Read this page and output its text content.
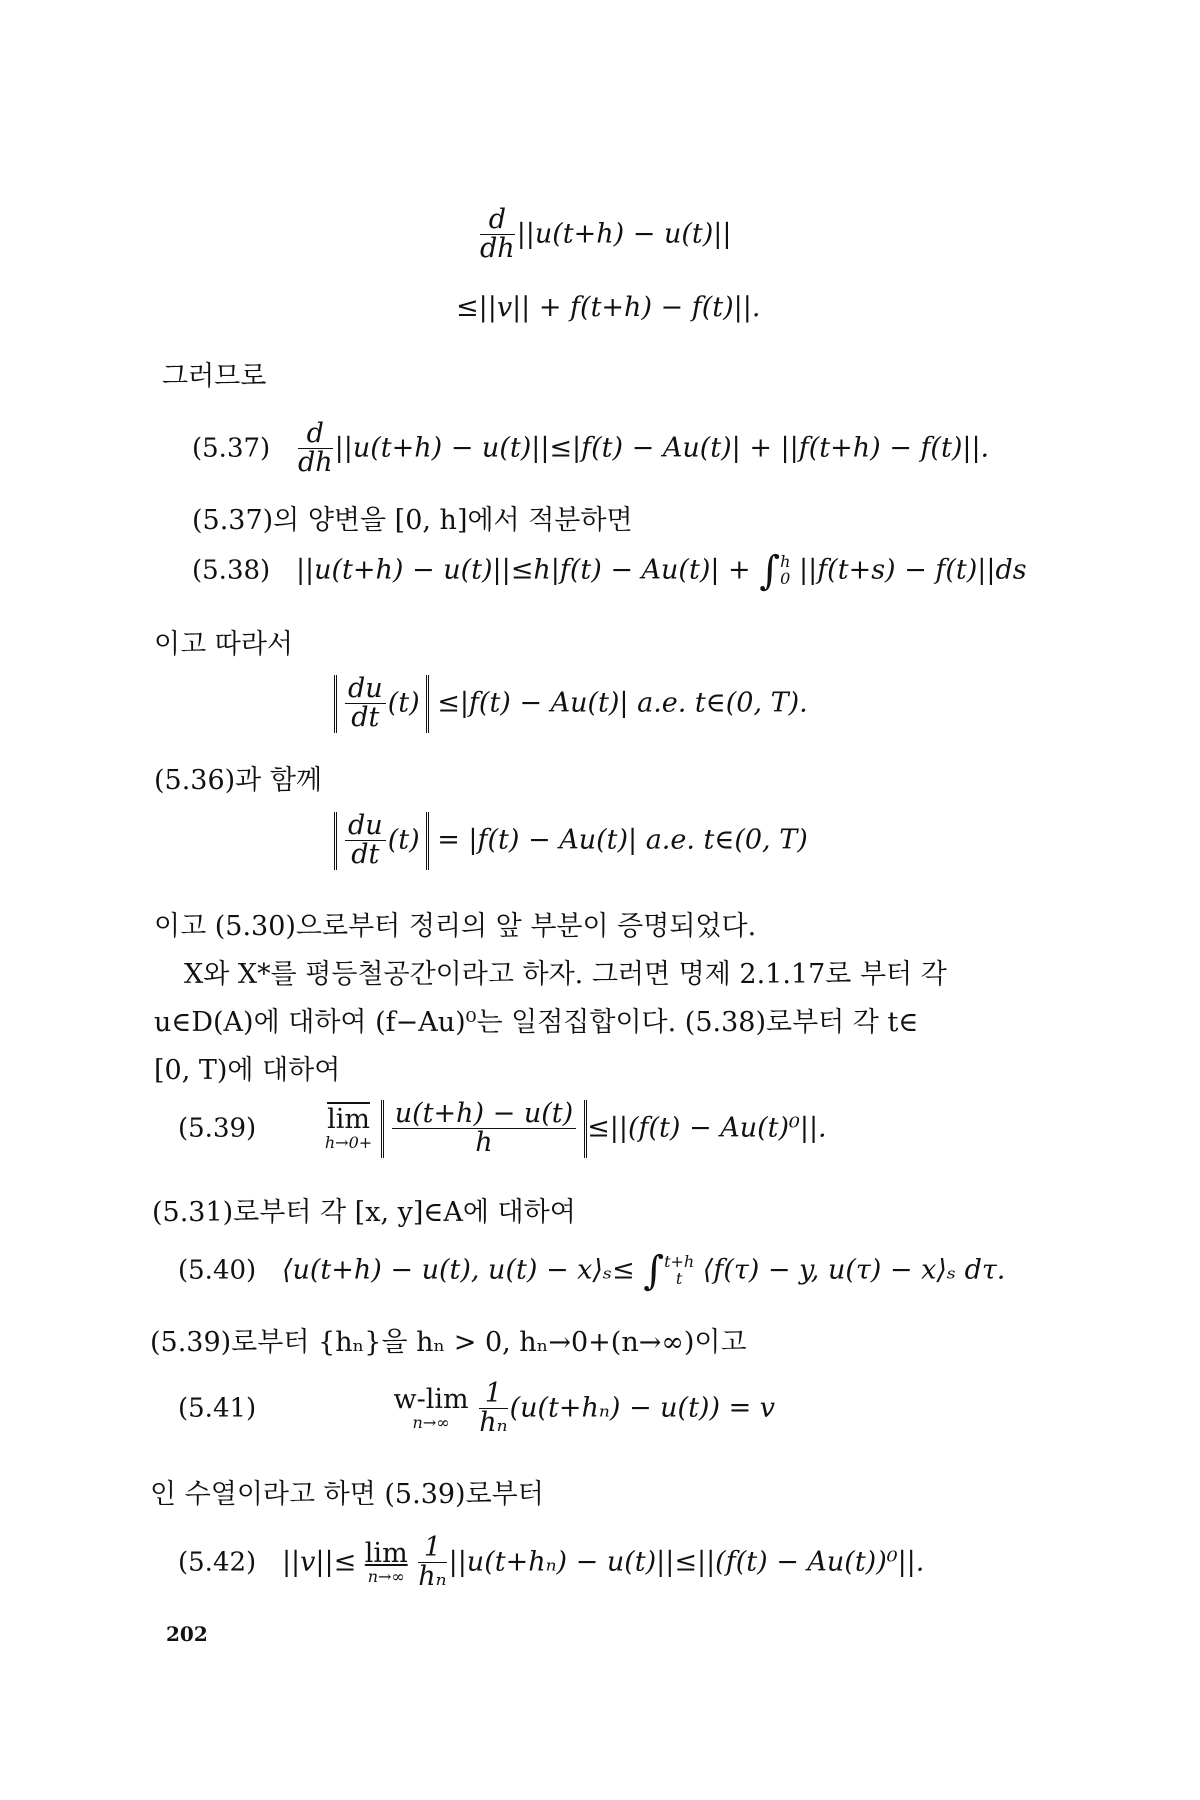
$\frac{d}{dh} ||u(t+h) - u(t)||$
≤||v|| + f(t+h) − f(t)||.
그러므로
$(5.37) \frac{d}{dh} ||u(t+h) - u(t)||\le|f(t) - Au(t)| + ||f(t+h) - f(t)||$.
(5.37)의 양변을 [0, h]에서 적분하면
(5.38) ||u(t+h) − u(t)||≤h|f(t) − Au(t)| + ∫ h
0 ||f(t+s) − f(t)||ds
이고 따라서
$\frac{du}{dt} (t) \le|f(t) - Au(t)|$ a.e. t∈(0, T).
(5.36)과 함께
$\frac{du}{dt} (t) = |f(t) - Au(t)|$ a.e. t∈(0, T)
이고 (5.30)으로부터 정리의 앞 부분이 증명되었다.
X와 X*를 평등철공간이라고 하자. 그러면 명제 2.1.17로 부터 각
u∈D(A)에 대하여 (f−Au)⁰는 일점집합이다. (5.38)로부터 각 t∈
[0, T)에 대하여
(5.39)	$\overline{lim}$
h→0+
$\frac{u(t+h) - u(t)}{h} \le||(f(t) - Au(t)^0||$.
(5.31)로부터 각 [x, y]∈A에 대하여
(5.40) ⟨u(t+h) − u(t), u(t) − x⟩ₛ≤ ∫ t+h
t ⟨f(τ) − y, u(τ) − x⟩ₛ dτ.
(5.39)로부터 {hₙ}을 hₙ > 0, hₙ→0+(n→∞)이고
(5.41)	w-lim
n→∞
	$\frac{1}{\text{hₙ}} (u(t+h_n) - u(t)) = v$
인 수열이라고 하면 (5.39)로부터
(5.42) ||v||≤ lim
n→∞
$\frac{1}{\text{hₙ}} ||u(t+h_n) - u(t)||\le||(f(t) - Au(t))^0||$.
202
